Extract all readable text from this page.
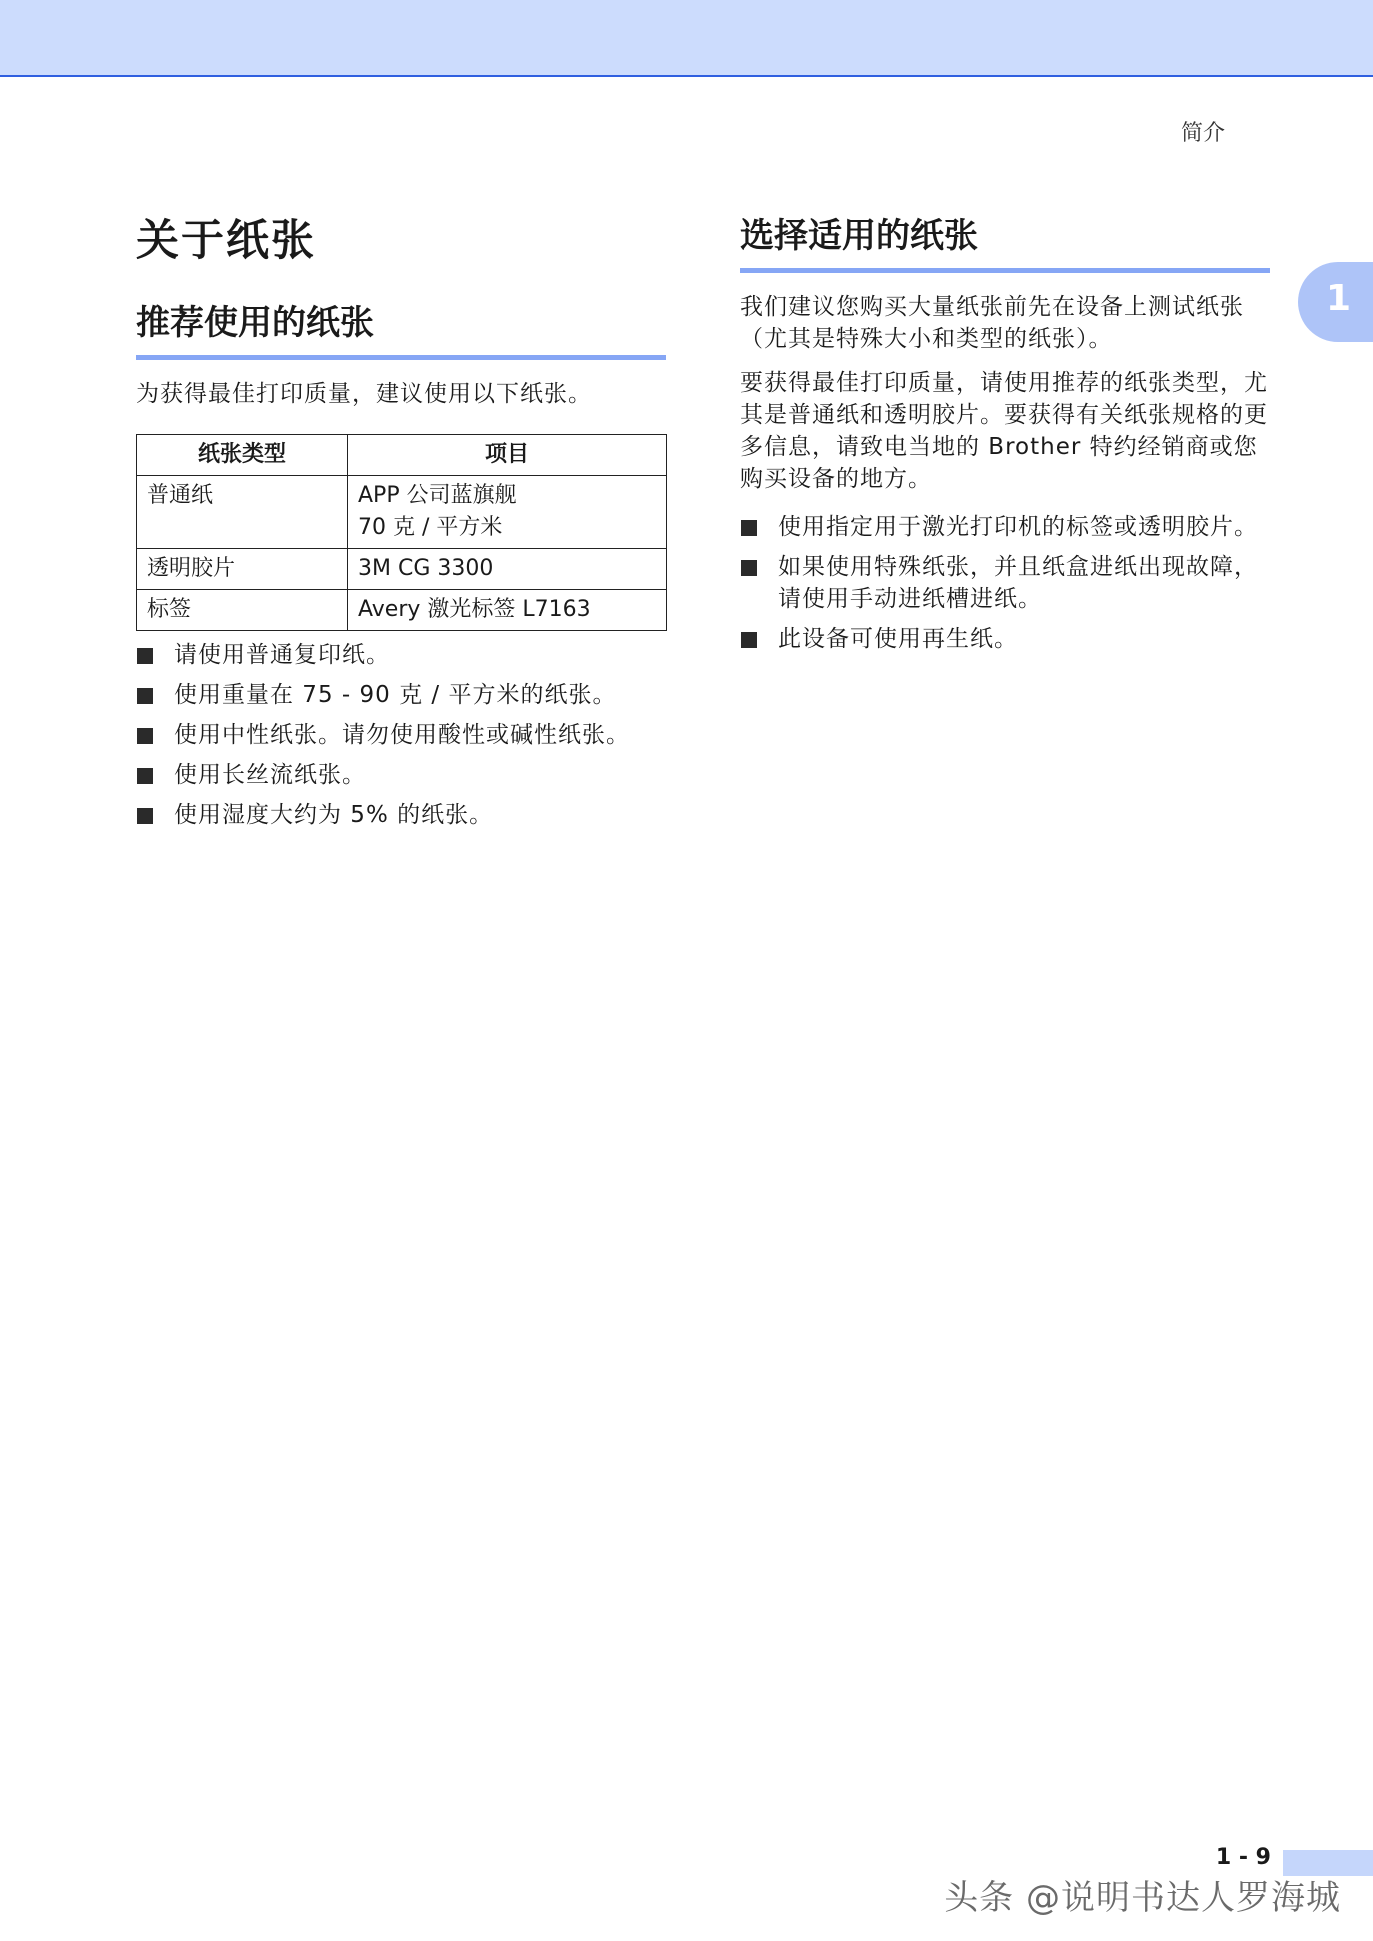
简介
1
关于纸张
推荐使用的纸张

为获得最佳打印质量，建议使用以下纸张。

纸张类型	项目
普通纸	APP 公司蓝旗舰
70 克 / 平方米

透明胶片	3M CG 3300

标签	Avery 激光标签 L7163
请使用普通复印纸。
使用重量在 75 - 90 克 / 平方米的纸张。
使用中性纸张。请勿使用酸性或碱性纸张。
使用长丝流纸张。
使用湿度大约为 5% 的纸张。
选择适用的纸张

我们建议您购买大量纸张前先在设备上测试纸张 （尤其是特殊大小和类型的纸张）。

要获得最佳打印质量，请使用推荐的纸张类型，尤其是普通纸和透明胶片。要获得有关纸张规格的更多信息，请致电当地的 Brother 特约经销商或您购买设备的地方。

使用指定用于激光打印机的标签或透明胶片。
如果使用特殊纸张，并且纸盒进纸出现故障，请使用手动进纸槽进纸。
此设备可使用再生纸。
1 - 9
头条 @说明书达人罗海城
